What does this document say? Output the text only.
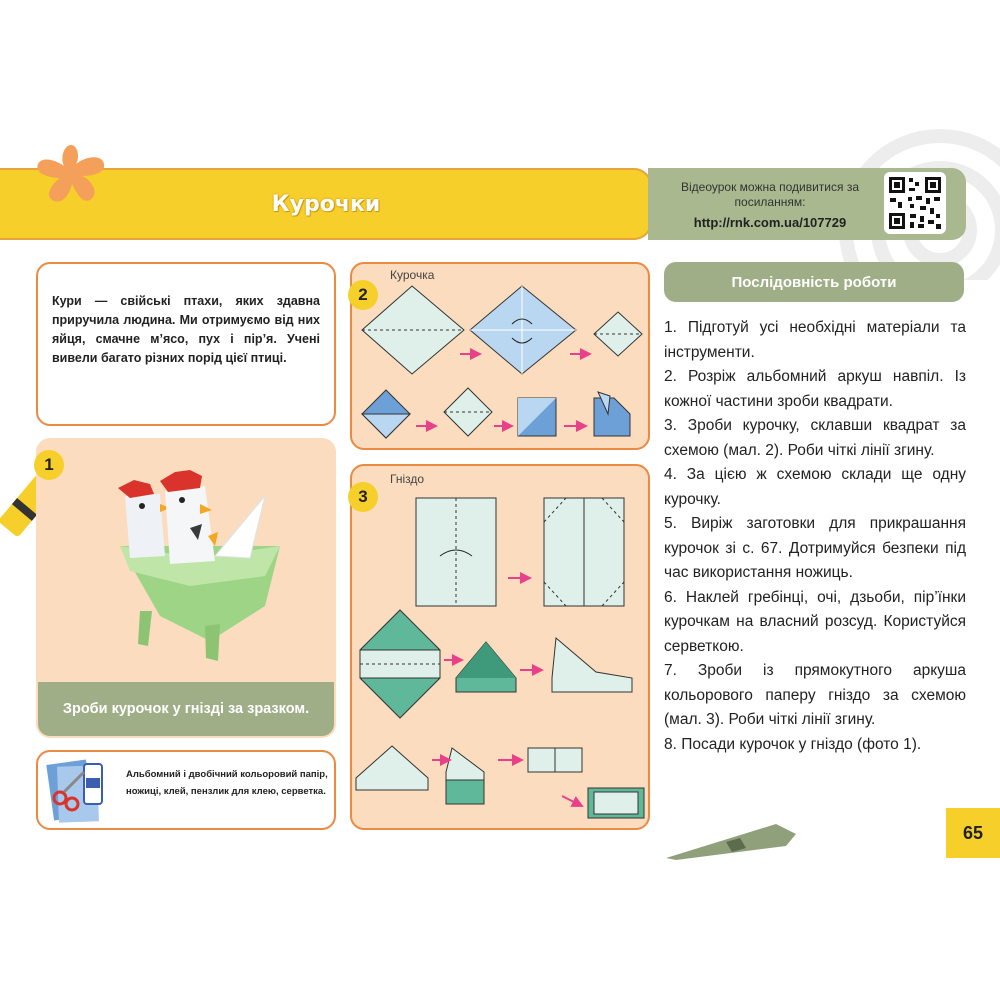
Курочки
Відеоурок можна подивитися за посиланням:
http://rnk.com.ua/107729
Кури — свійські птахи, яких здавна приручила людина. Ми отримуємо від них яйця, смачне м’ясо, пух і пір’я. Учені вивели багато різних порід цієї птиці.
1
Зроби курочок у гнізді за зразком.
Альбомний і двобічний кольоровий папір, ножиці, клей, пензлик для клею, серветка.
2
Курочка
3
Гніздо
Послідовність роботи
1. Підготуй усі необхідні матеріали та інструменти.
2. Розріж альбомний аркуш навпіл. Із кожної частини зроби квадрати.
3. Зроби курочку, склавши квадрат за схемою (мал. 2). Роби чіткі лінії згину.
4. За цією ж схемою склади ще одну курочку.
5. Виріж заготовки для прикрашання курочок зі с. 67. Дотримуйся безпеки під час використання ножиць.
6. Наклей гребінці, очі, дзьоби, пір’їнки курочкам на власний розсуд. Користуйся серветкою.
7. Зроби із прямокутного аркуша кольорового паперу гніздо за схемою (мал. 3). Роби чіткі лінії згину.
8. Посади курочок у гніздо (фото 1).
65
